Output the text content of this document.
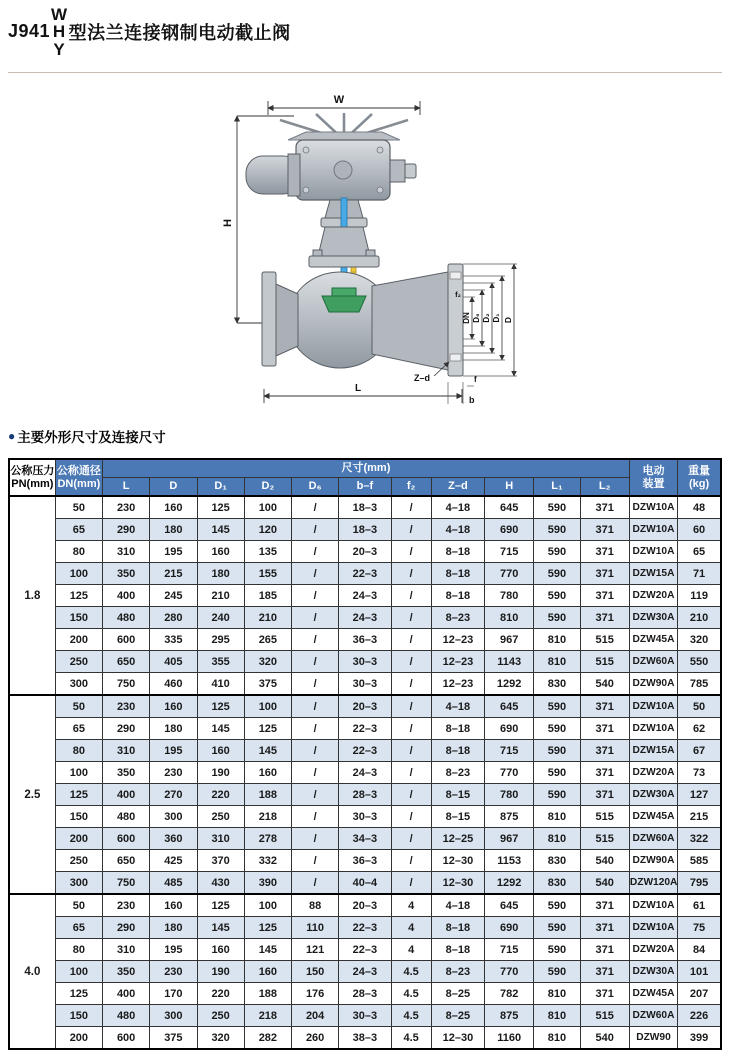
J941
W
H
Y
型法兰连接钢制电动截止阀
W
H
DN D₆ D₂ D₁ D
f₂
Z–d
L
f
b
● 主要外形尺寸及连接尺寸
公称压力
PN(mm)	公称通径
DN(mm)	尺寸(mm)											电动
装置	重量(kg)
		L	D	D₁	D₂	D₆	b–f	f₂	Z–d	H	L₁	L₂		
1.8	50	230	160	125	100	/	18–3	/	4–18	645	590	371	DZW10A	48
	65	290	180	145	120	/	18–3	/	4–18	690	590	371	DZW10A	60
	80	310	195	160	135	/	20–3	/	8–18	715	590	371	DZW10A	65
	100	350	215	180	155	/	22–3	/	8–18	770	590	371	DZW15A	71
	125	400	245	210	185	/	24–3	/	8–18	780	590	371	DZW20A	119
	150	480	280	240	210	/	24–3	/	8–23	810	590	371	DZW30A	210
	200	600	335	295	265	/	36–3	/	12–23	967	810	515	DZW45A	320
	250	650	405	355	320	/	30–3	/	12–23	1143	810	515	DZW60A	550
	300	750	460	410	375	/	30–3	/	12–23	1292	830	540	DZW90A	785
2.5	50	230	160	125	100	/	20–3	/	4–18	645	590	371	DZW10A	50
	65	290	180	145	125	/	22–3	/	8–18	690	590	371	DZW10A	62
	80	310	195	160	145	/	22–3	/	8–18	715	590	371	DZW15A	67
	100	350	230	190	160	/	24–3	/	8–23	770	590	371	DZW20A	73
	125	400	270	220	188	/	28–3	/	8–15	780	590	371	DZW30A	127
	150	480	300	250	218	/	30–3	/	8–15	875	810	515	DZW45A	215
	200	600	360	310	278	/	34–3	/	12–25	967	810	515	DZW60A	322
	250	650	425	370	332	/	36–3	/	12–30	1153	830	540	DZW90A	585
	300	750	485	430	390	/	40–4	/	12–30	1292	830	540	DZW120A	795
4.0	50	230	160	125	100	88	20–3	4	4–18	645	590	371	DZW10A	61
	65	290	180	145	125	110	22–3	4	8–18	690	590	371	DZW10A	75
	80	310	195	160	145	121	22–3	4	8–18	715	590	371	DZW20A	84
	100	350	230	190	160	150	24–3	4.5	8–23	770	590	371	DZW30A	101
	125	400	170	220	188	176	28–3	4.5	8–25	782	810	371	DZW45A	207
	150	480	300	250	218	204	30–3	4.5	8–25	875	810	515	DZW60A	226
	200	600	375	320	282	260	38–3	4.5	12–30	1160	810	540	DZW90	399
